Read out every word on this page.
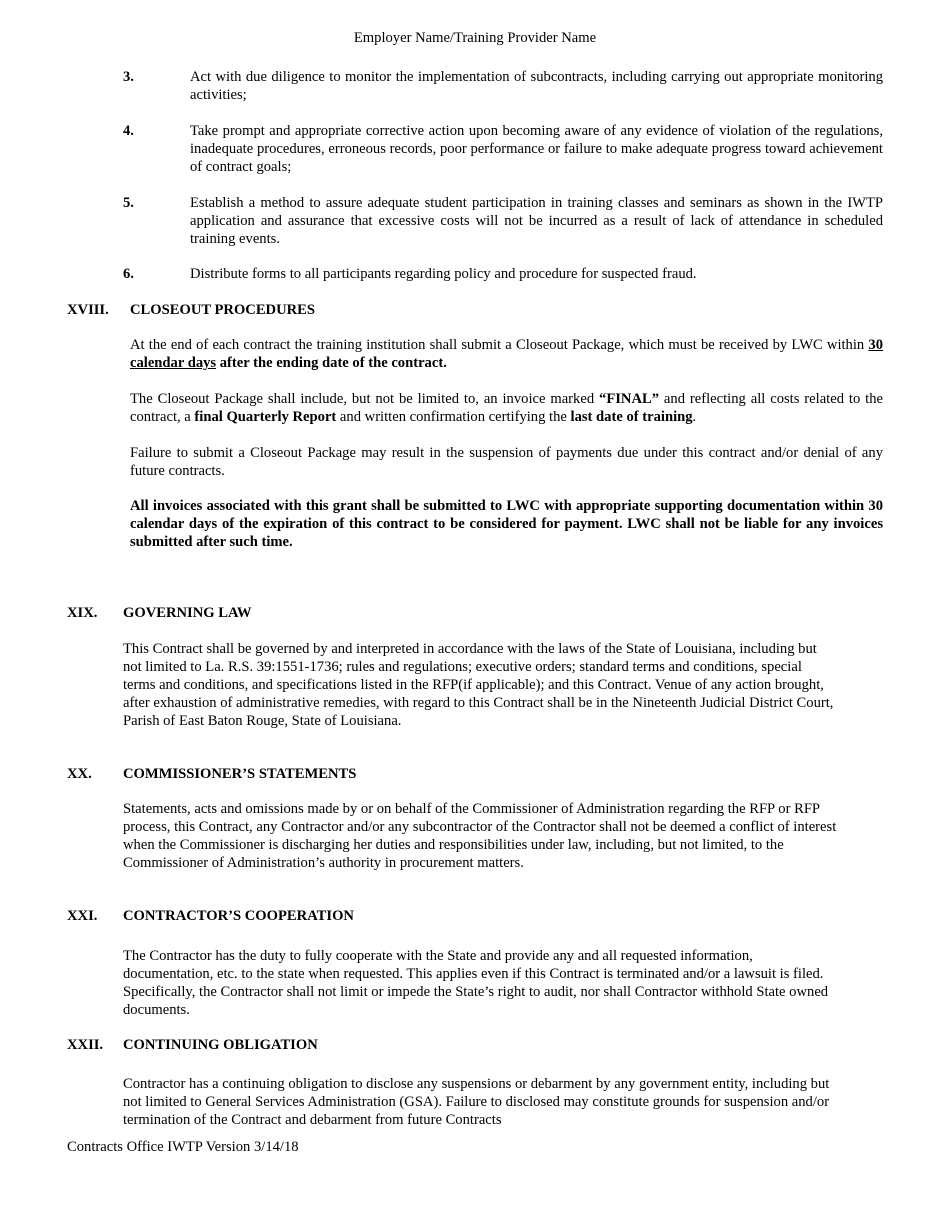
Employer Name/Training Provider Name
3.	Act with due diligence to monitor the implementation of subcontracts, including carrying out appropriate monitoring activities;
4.	Take prompt and appropriate corrective action upon becoming aware of any evidence of violation of the regulations, inadequate procedures, erroneous records, poor performance or failure to make adequate progress toward achievement of contract goals;
5.	Establish a method to assure adequate student participation in training classes and seminars as shown in the IWTP application and assurance that excessive costs will not be incurred as a result of lack of attendance in scheduled training events.
6.	Distribute forms to all participants regarding policy and procedure for suspected fraud.
XVIII. CLOSEOUT PROCEDURES
At the end of each contract the training institution shall submit a Closeout Package, which must be received by LWC within 30 calendar days after the ending date of the contract.
The Closeout Package shall include, but not be limited to, an invoice marked “FINAL” and reflecting all costs related to the contract, a final Quarterly Report and written confirmation certifying the last date of training.
Failure to submit a Closeout Package may result in the suspension of payments due under this contract and/or denial of any future contracts.
All invoices associated with this grant shall be submitted to LWC with appropriate supporting documentation within 30 calendar days of the expiration of this contract to be considered for payment. LWC shall not be liable for any invoices submitted after such time.
XIX. GOVERNING LAW
This Contract shall be governed by and interpreted in accordance with the laws of the State of Louisiana, including but
not limited to La. R.S. 39:1551-1736; rules and regulations; executive orders; standard terms and conditions, special
terms and conditions, and specifications listed in the RFP(if applicable); and this Contract. Venue of any action brought,
after exhaustion of administrative remedies, with regard to this Contract shall be in the Nineteenth Judicial District Court,
Parish of East Baton Rouge, State of Louisiana.
XX. COMMISSIONER’S STATEMENTS
Statements, acts and omissions made by or on behalf of the Commissioner of Administration regarding the RFP or RFP
process, this Contract, any Contractor and/or any subcontractor of the Contractor shall not be deemed a conflict of interest
when the Commissioner is discharging her duties and responsibilities under law, including, but not limited, to the
Commissioner of Administration’s authority in procurement matters.
XXI. CONTRACTOR’S COOPERATION
The Contractor has the duty to fully cooperate with the State and provide any and all requested information,
documentation, etc. to the state when requested. This applies even if this Contract is terminated and/or a lawsuit is filed.
Specifically, the Contractor shall not limit or impede the State’s right to audit, nor shall Contractor withhold State owned
documents.
XXII. CONTINUING OBLIGATION
Contractor has a continuing obligation to disclose any suspensions or debarment by any government entity, including but
not limited to General Services Administration (GSA). Failure to disclosed may constitute grounds for suspension and/or
termination of the Contract and debarment from future Contracts
Contracts Office IWTP Version 3/14/18
